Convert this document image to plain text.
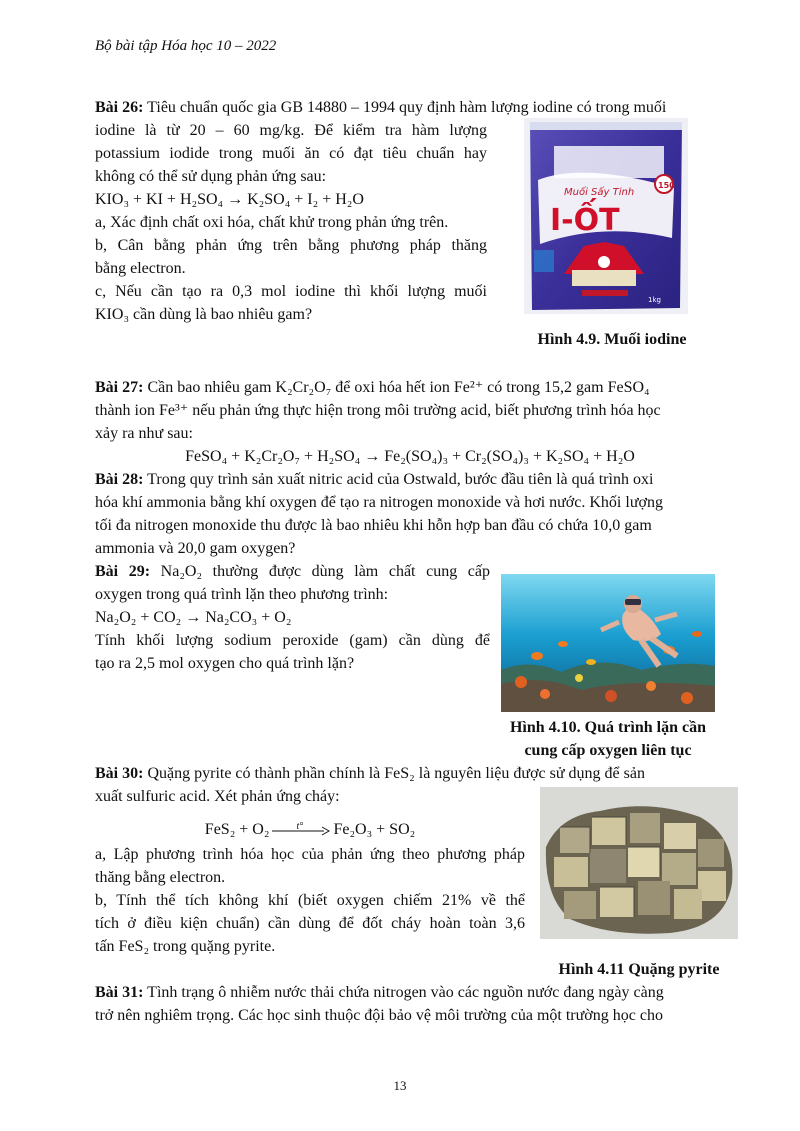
Bộ bài tập Hóa học 10 – 2022
Bài 26: Tiêu chuẩn quốc gia GB 14880 – 1994 quy định hàm lượng iodine có trong muối
iodine là từ 20 – 60 mg/kg. Để kiểm tra hàm lượng
potassium iodide trong muối ăn có đạt tiêu chuẩn hay
không có thể sử dụng phản ứng sau:
KIO₃ + KI + H₂SO₄ → K₂SO₄ + I₂ + H₂O
a, Xác định chất oxi hóa, chất khử trong phản ứng trên.
b, Cân bằng phản ứng trên bằng phương pháp thăng
bằng electron.
c, Nếu cần tạo ra 0,3 mol iodine thì khối lượng muối
KIO₃ cần dùng là bao nhiêu gam?
Muối Sấy Tinh
150
I-ỐT
1kg
Hình 4.9. Muối iodine
Bài 27: Cần bao nhiêu gam K₂Cr₂O₇ để oxi hóa hết ion Fe²⁺ có trong 15,2 gam FeSO₄
thành ion Fe³⁺ nếu phản ứng thực hiện trong môi trường acid, biết phương trình hóa học
xảy ra như sau:
FeSO₄ + K₂Cr₂O₇ + H₂SO₄ → Fe₂(SO₄)₃ + Cr₂(SO₄)₃ + K₂SO₄ + H₂O
Bài 28: Trong quy trình sản xuất nitric acid của Ostwald, bước đầu tiên là quá trình oxi
hóa khí ammonia bằng khí oxygen để tạo ra nitrogen monoxide và hơi nước. Khối lượng
tối đa nitrogen monoxide thu được là bao nhiêu khi hỗn hợp ban đầu có chứa 10,0 gam
ammonia và 20,0 gam oxygen?
Bài 29: Na₂O₂ thường được dùng làm chất cung cấp
oxygen trong quá trình lặn theo phương trình:
Na₂O₂ + CO₂ → Na₂CO₃ + O₂
Tính khối lượng sodium peroxide (gam) cần dùng để
tạo ra 2,5 mol oxygen cho quá trình lặn?
Hình 4.10. Quá trình lặn cần
cung cấp oxygen liên tục
Bài 30: Quặng pyrite có thành phần chính là FeS₂ là nguyên liệu được sử dụng để sản
xuất sulfuric acid. Xét phản ứng cháy:
FeS₂ + O₂	t° Fe₂O₃ + SO₂
a, Lập phương trình hóa học của phản ứng theo phương pháp
thăng bằng electron.
b, Tính thể tích không khí (biết oxygen chiếm 21% về thể
tích ở điều kiện chuẩn) cần dùng để đốt cháy hoàn toàn 3,6
tấn FeS₂ trong quặng pyrite.
Hình 4.11 Quặng pyrite
Bài 31: Tình trạng ô nhiễm nước thải chứa nitrogen vào các nguồn nước đang ngày càng
trở nên nghiêm trọng. Các học sinh thuộc đội bảo vệ môi trường của một trường học cho
13
